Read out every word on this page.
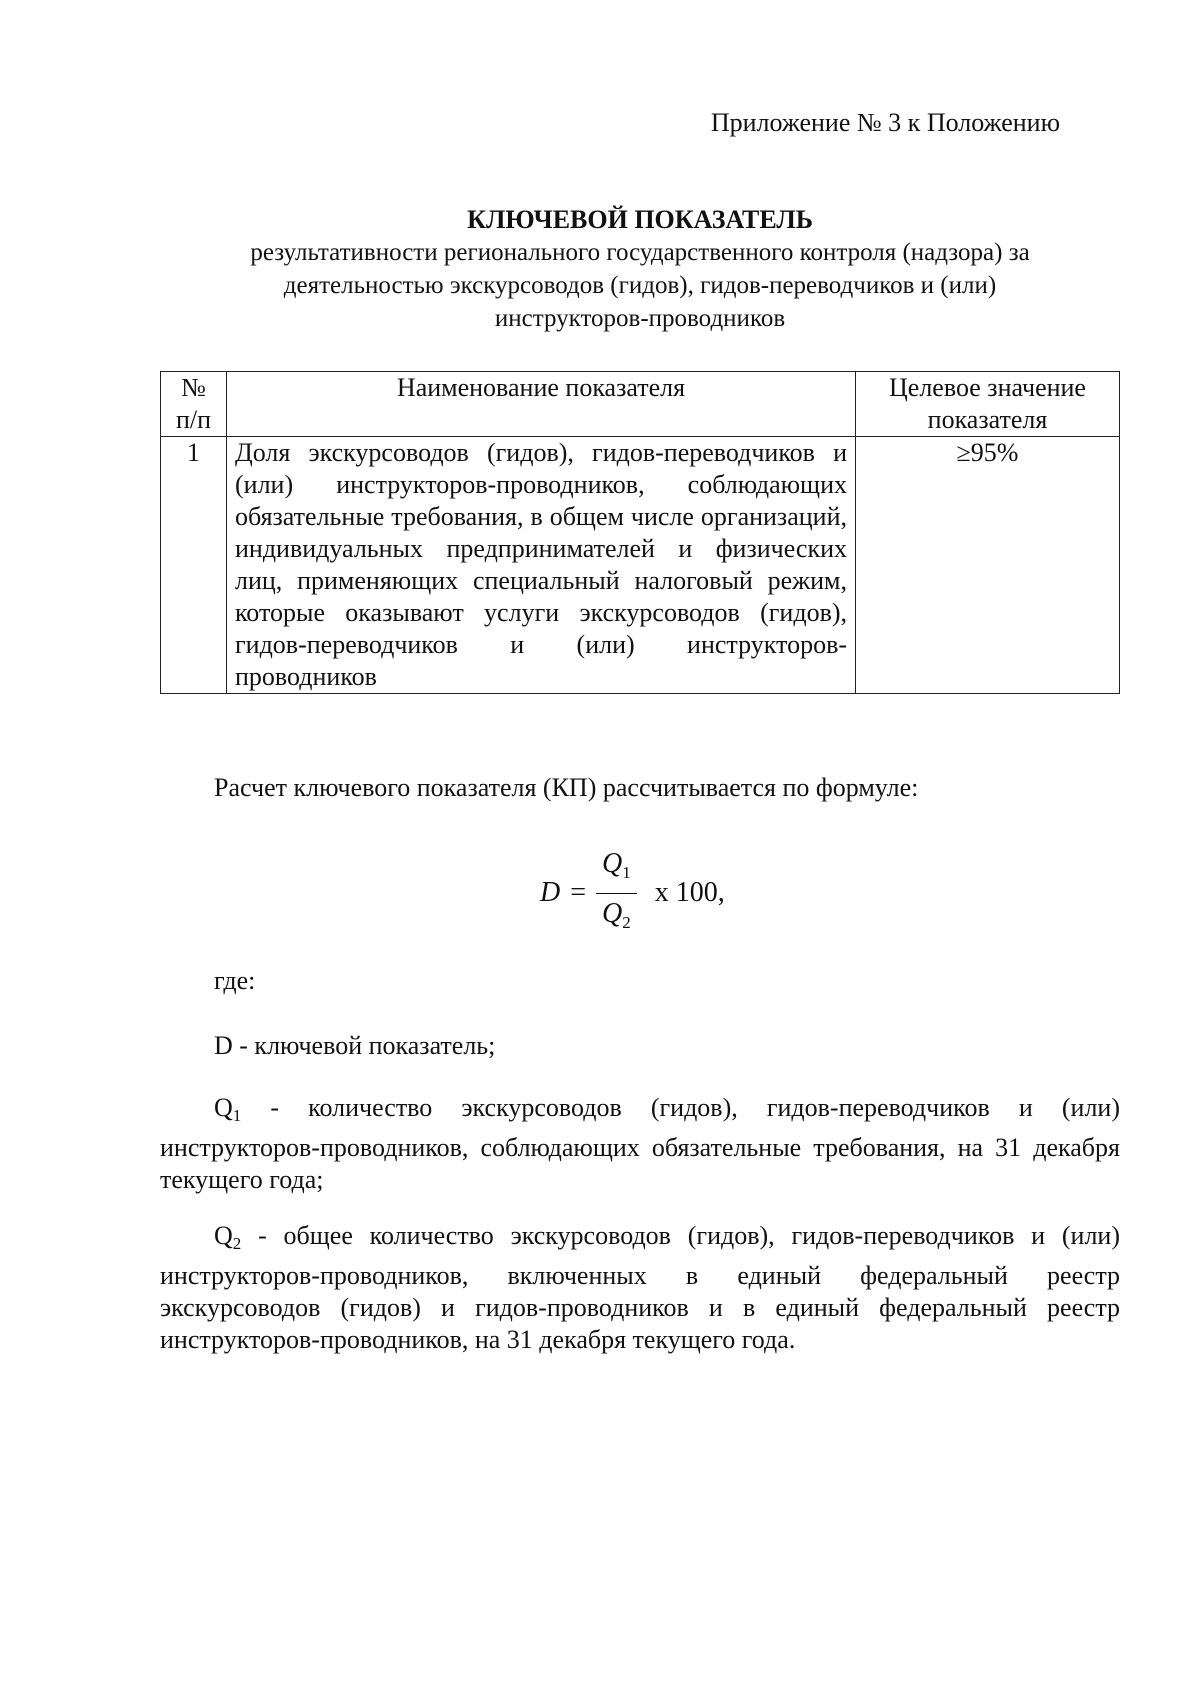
Приложение № 3 к Положению
КЛЮЧЕВОЙ ПОКАЗАТЕЛЬ
результативности регионального государственного контроля (надзора) за
деятельностью экскурсоводов (гидов), гидов-переводчиков и (или)
инструкторов-проводников
№ п/п	Наименование показателя	Целевое значение показателя
1	Доля экскурсоводов (гидов), гидов-переводчиков и (или) инструкторов-проводников, соблюдающих обязательные требования, в общем числе организаций, индивидуальных предпринимателей и физических лиц, применяющих специальный налоговый режим, которые оказывают услуги экскурсоводов (гидов), гидов-переводчиков и (или) инструкторов-проводников	≥95%
Расчет ключевого показателя (КП) рассчитывается по формуле:
$D = \frac{Q_1}{Q_2}$ x 100,
где:
D - ключевой показатель;
$Q_1$ - количество экскурсоводов (гидов), гидов-переводчиков и (или) инструкторов-проводников, соблюдающих обязательные требования, на 31 декабря текущего года;
$Q_2$ - общее количество экскурсоводов (гидов), гидов-переводчиков и (или) инструкторов-проводников, включенных в единый федеральный реестр экскурсоводов (гидов) и гидов-проводников и в единый федеральный реестр инструкторов-проводников, на 31 декабря текущего года.
